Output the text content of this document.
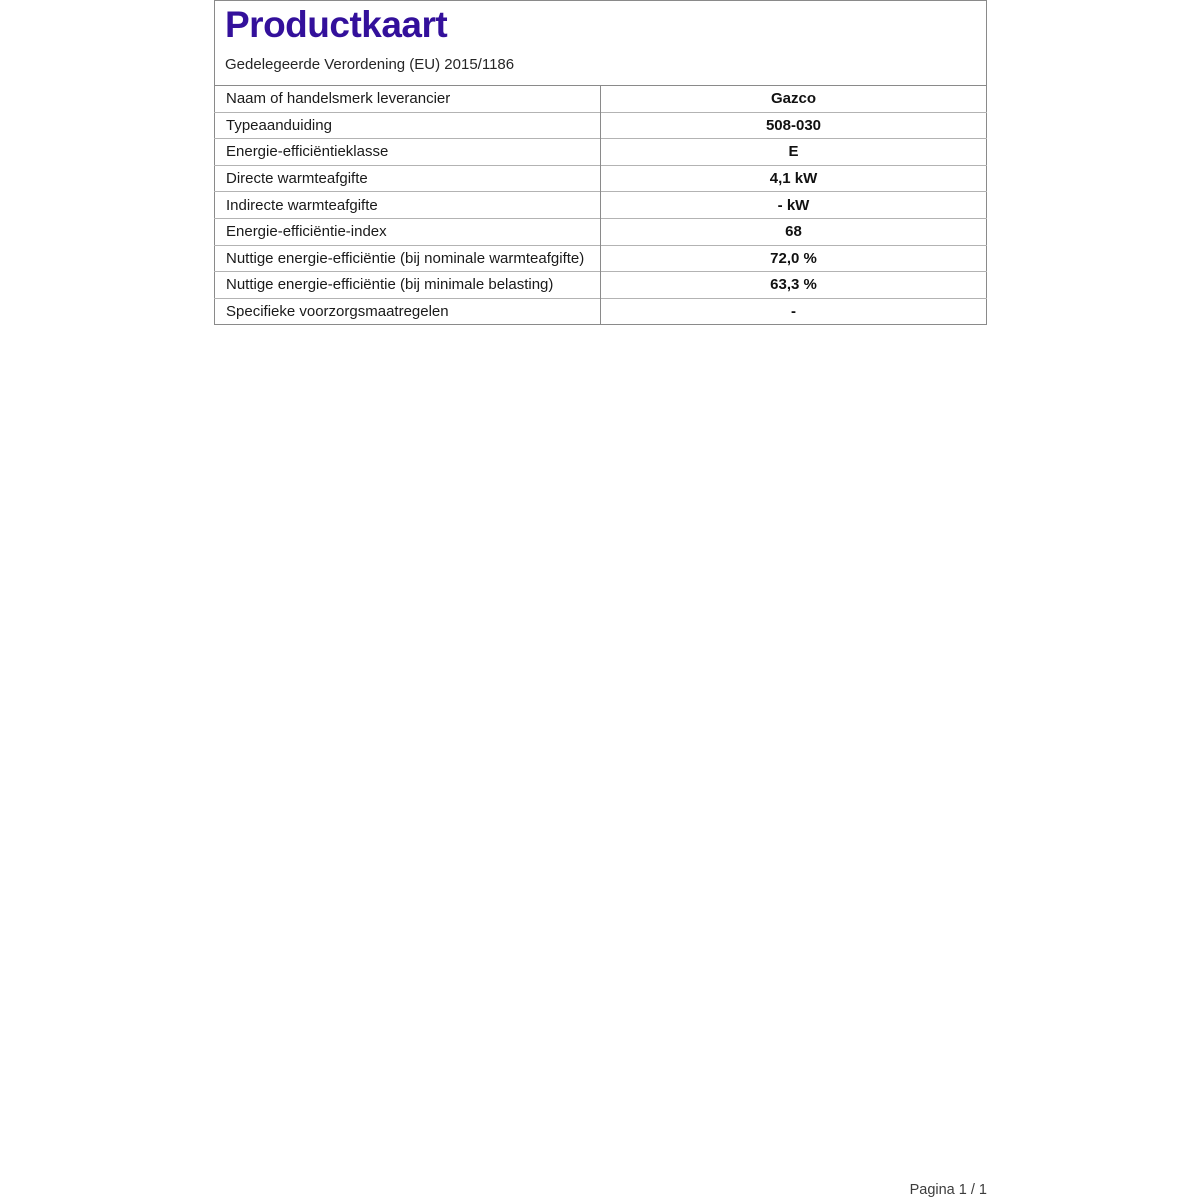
Productkaart
Gedelegeerde Verordening (EU) 2015/1186
Naam of handelsmerk leverancier	Gazco
Typeaanduiding	508-030
Energie-efficiëntieklasse	E
Directe warmteafgifte	4,1 kW
Indirecte warmteafgifte	- kW
Energie-efficiëntie-index	68
Nuttige energie-efficiëntie (bij nominale warmteafgifte)	72,0 %
Nuttige energie-efficiëntie (bij minimale belasting)	63,3 %
Specifieke voorzorgsmaatregelen	-
Pagina 1 / 1
